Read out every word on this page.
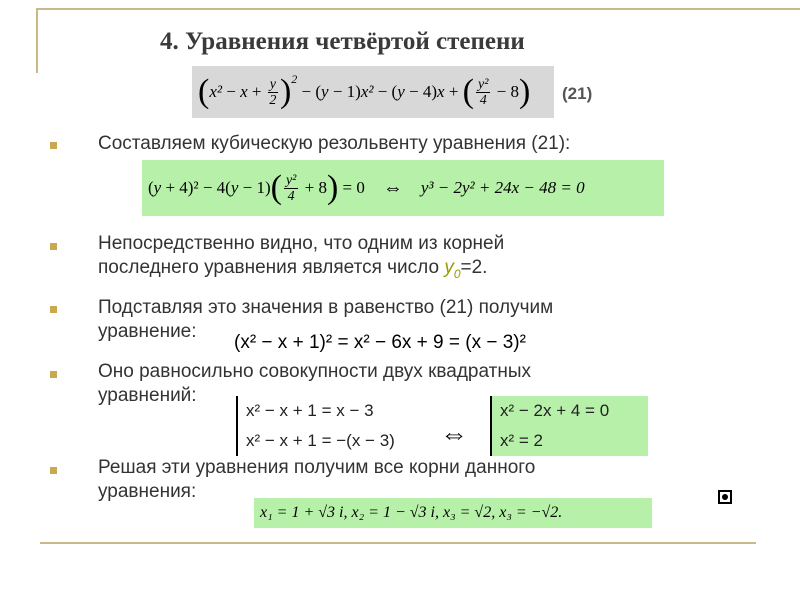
4. Уравнения четвёртой степени
( $x^2 - x + \frac{y}{2}$ ) 2
− ( y − 1) x² − ( y − 4) x + ( $\frac{\text{y²}}{4} - 8$ ) (21)
Составляем кубическую резольвенту уравнения (21):
( y + 4)² − 4( y − 1) ( $\frac{\text{y²}}{4} + 8$ ) = 0 ⇔ y³ − 2y² + 24x − 48 = 0
Непосредственно видно, что одним из корней
последнего уравнения является число $y_0=2$.
Подставляя это значения в равенство (21) получим
уравнение:
(x² − x + 1)² = x² − 6x + 9 = (x − 3)²
Оно равносильно совокупности двух квадратных
уравнений:
x² − x + 1 = x − 3
x² − x + 1 = −(x − 3)	⇔
x² − 2x + 4 = 0
x² = 2
Решая эти уравнения получим все корни данного
уравнения:
x₁ = 1 + √3 i, x₂ = 1 − √3 i, x₃ = √2, x₃ = −√2.
